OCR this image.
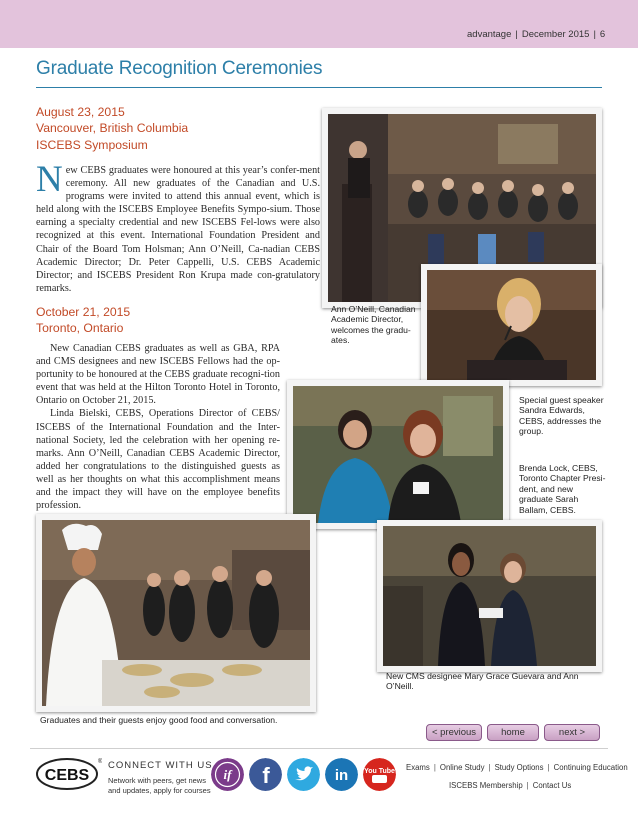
advantage | December 2015 | 6
Graduate Recognition Ceremonies
August 23, 2015
Vancouver, British Columbia
ISCEBS Symposium

New CEBS graduates were honoured at this year’s confer-ment ceremony. All new graduates of the Canadian and U.S. programs were invited to attend this annual event, which is held along with the ISCEBS Employee Benefits Sympo-sium. Those earning a specialty credential and new ISCEBS Fel-lows were also recognized at this event. International Foundation President and Chair of the Board Tom Holsman; Ann O’Neill, Ca-nadian CEBS Academic Director; Dr. Peter Cappelli, U.S. CEBS Academic Director; and ISCEBS President Ron Krupa made con-gratulatory remarks.

October 21, 2015
Toronto, Ontario

New Canadian CEBS graduates as well as GBA, RPA and CMS designees and new ISCEBS Fellows had the op-portunity to be honoured at the CEBS graduate recogni-tion event that was held at the Hilton Toronto Hotel in Toronto, Ontario on October 21, 2015.

Linda Bielski, CEBS, Operations Director of CEBS/ ISCEBS of the International Foundation and the Inter-national Society, led the celebration with her opening re-marks. Ann O’Neill, Canadian CEBS Academic Director, added her congratulations to the distinguished guests as well as her thoughts on what this accomplishment means and the impact they will have on the employee benefits profession.

Ann O’Neill, Canadian Academic Director, welcomes the gradu-ates.
Special guest speaker Sandra Edwards, CEBS, addresses the group.
Brenda Lock, CEBS, Toronto Chapter Presi-dent, and new graduate Sarah Ballam, CEBS.
New CMS designee Mary Grace Guevara and Ann O’Neill.
Graduates and their guests enjoy good food and conversation.
< previous	home	next >
CEBS
® CONNECT WITH US
Network with peers, get news
and updates, apply for courses
if f	in You Tube Exams | Online Study | Study Options | Continuing Education
ISCEBS Membership | Contact Us
